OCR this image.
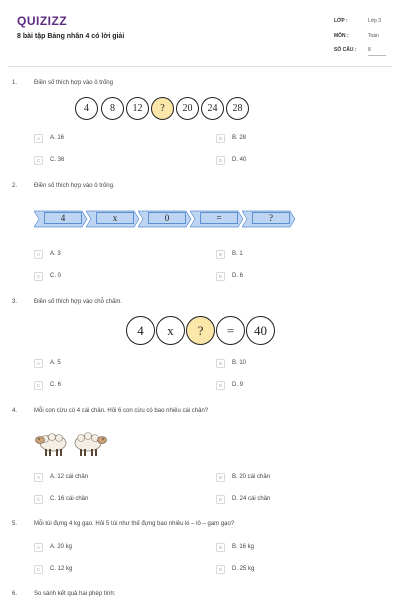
QUIZIZZ
8 bài tập Bảng nhân 4 có lời giải
LỚP :	Lớp 3
MÔN :	Toán
SỐ CÂU : 8
1.	Điền số thích hợp vào ô trống
4	8	12	?	20	24	28
A	A. 16	B	B. 28
C	C. 36	D	D. 40
2.	Điền số thích hợp vào ô trống.
4	x	0	=	?
A	A. 3	B	B. 1
C	C. 0	D	D. 6
3.	Điền số thích hợp vào chỗ chấm.
4	x	?	=	40
A	A. 5	B	B. 10
C	C. 6	D	D. 9
4.	Mỗi con cừu có 4 cái chân. Hỏi 6 con cừu có bao nhiêu cái chân?
A	A. 12 cái chân	B	B. 20 cái chân
C	C. 16 cái chân	D	D. 24 cái chân
5.	Mỗi túi đựng 4 kg gạo. Hỏi 5 túi như thế đựng bao nhiêu ki – lô – gam gạo?
A	A. 20 kg	B	B. 16 kg
C	C. 12 kg	D	D. 25 kg
6.	So sánh kết quả hai phép tính:
